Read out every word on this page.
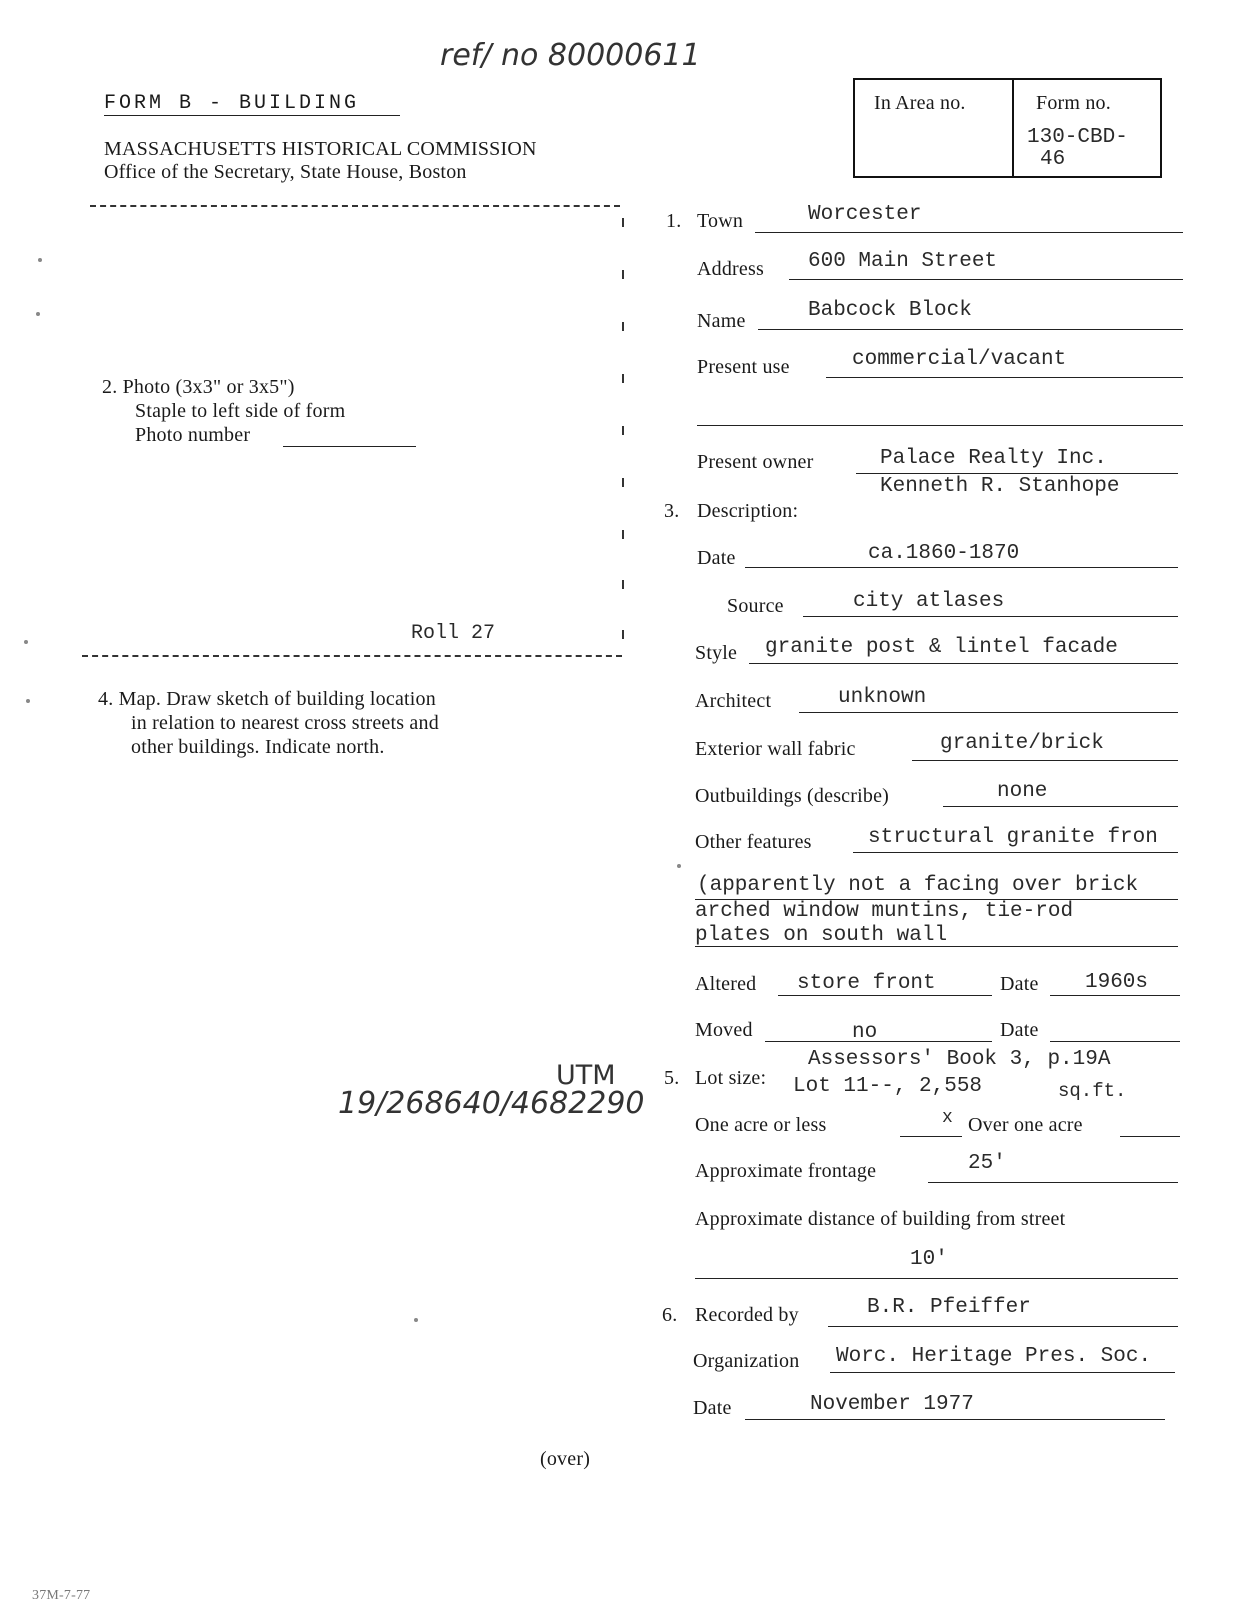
ref/ no 80000611
FORM B - BUILDING
MASSACHUSETTS HISTORICAL COMMISSION
Office of the Secretary, State House, Boston
In Area no.	Form no.
130-CBD-
46
2. Photo (3x3" or 3x5")
Staple to left side of form
Photo number
Roll 27
4. Map. Draw sketch of building location
in relation to nearest cross streets and
other buildings. Indicate north.
UTM
19/268640/4682290
1. Town	Worcester
Address 600 Main Street
Name	Babcock Block
Present use	commercial/vacant
Present owner	Palace Realty Inc.
Kenneth R. Stanhope
3. Description:
Date	ca.1860-1870
Source	city atlases
Style granite post & lintel facade
Architect	unknown
Exterior wall fabric	granite/brick
Outbuildings (describe)	none
Other features	structural granite fron
(apparently not a facing over brick
arched window muntins, tie-rod
plates on south wall
Altered store front	Date 1960s
Moved	no	Date
Assessors' Book 3, p.19A
5. Lot size: Lot 11--, 2,558	sq.ft.
One acre or less	x Over one acre
Approximate frontage	25'
Approximate distance of building from street
10'
6. Recorded by	B.R. Pfeiffer
Organization Worc. Heritage Pres. Soc.
Date	November 1977
(over)
37M-7-77
